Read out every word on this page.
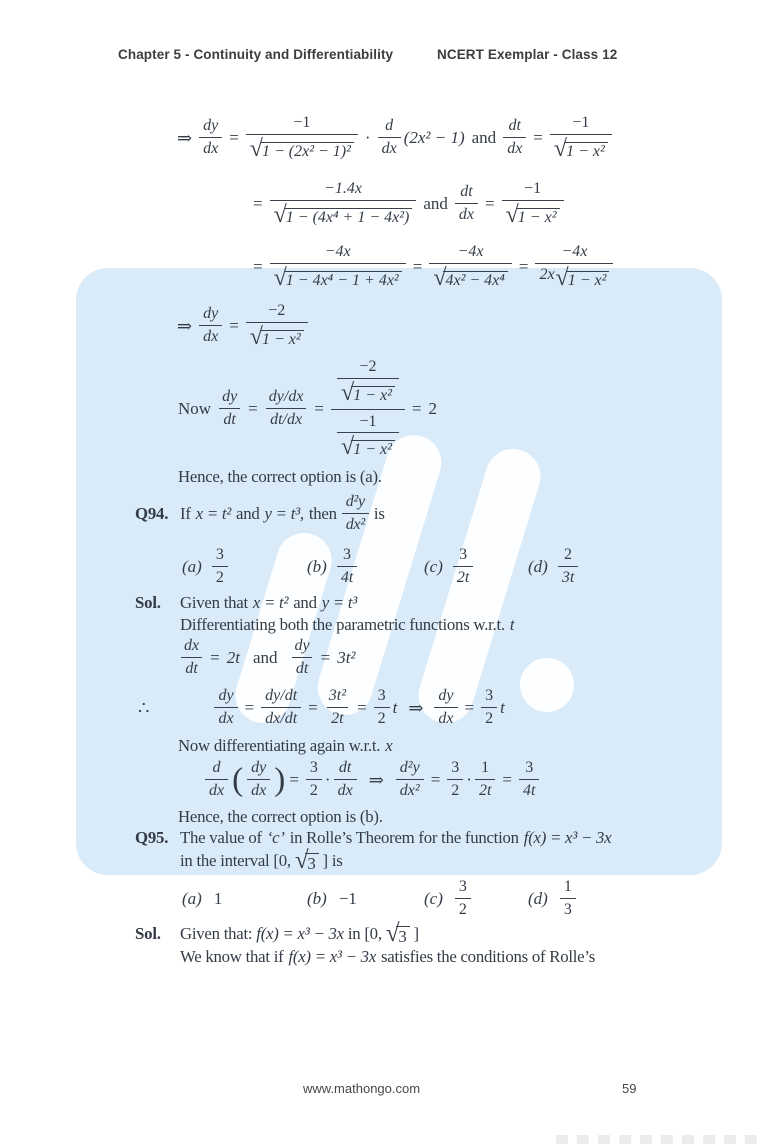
Chapter 5 - Continuity and Differentiability	NCERT Exemplar - Class 12
⇒ $\frac{dy}{dx} = -1$
√ 1 − (2x² − 1)² ·
d
dx
(2x² − 1) and $\frac{dt}{dx} = -1$
√ 1 − x²
= −1.4x
√ 1 − (4x⁴ + 1 − 4x²) and $\frac{dt}{dx} = -1$
√ 1 − x²
= −4x
√ 1 − 4x⁴ − 1 + 4x² = −4x
√ $4x^2 - 4x^4 = \frac{-4x}{\text{2x √ 1 − x²}}$
⇒ $\frac{dy}{dx} = -2$
√ 1 − x²
Now $\frac{dy}{dt} = \frac{dy/dx}{dt/dx} = -2$
√ 1 − x²
−1
√ 1 − x² = 2
Hence, the correct option is (a).
Q94. If x = t² and y = t³, then
d²y
dx²
is
(a)
3
2
(b)
3
4t
(c)
3
2t
(d)
2
3t
Sol. Given that x = t² and y = t³
Differentiating both the parametric functions w.r.t. t
$\frac{dx}{dt} = 2t$ and $\frac{dy}{dt} = 3t^2$
∴	$\frac{dy}{dx} = \frac{dy/dt}{dx/dt} = \frac{\text{3t²}}{2t} = \frac{3}{2}$ t ⇒ $\frac{dy}{dx} = \frac{3}{2}$ t
Now differentiating again w.r.t. x
d
dx ( dy
dx ) = $\frac{3}{2}$ ·
dt
dx
⇒ $\frac{\text{d²y}}{\text{dx²}} = \frac{3}{2} \cdot \frac{1}{2t} = \frac{3}{4t}$
Hence, the correct option is (b).
Q95. The value of ‘c’ in Rolle’s Theorem for the function f(x) = x³ − 3x
in the interval [0, √ 3 ] is
(a) 1	(b) −1	(c)
3
2
(d)
1
3
Sol. Given that: f(x) = x³ − 3x in [0, √ 3 ]
We know that if f(x) = x³ − 3x satisfies the conditions of Rolle’s
www.mathongo.com	59
